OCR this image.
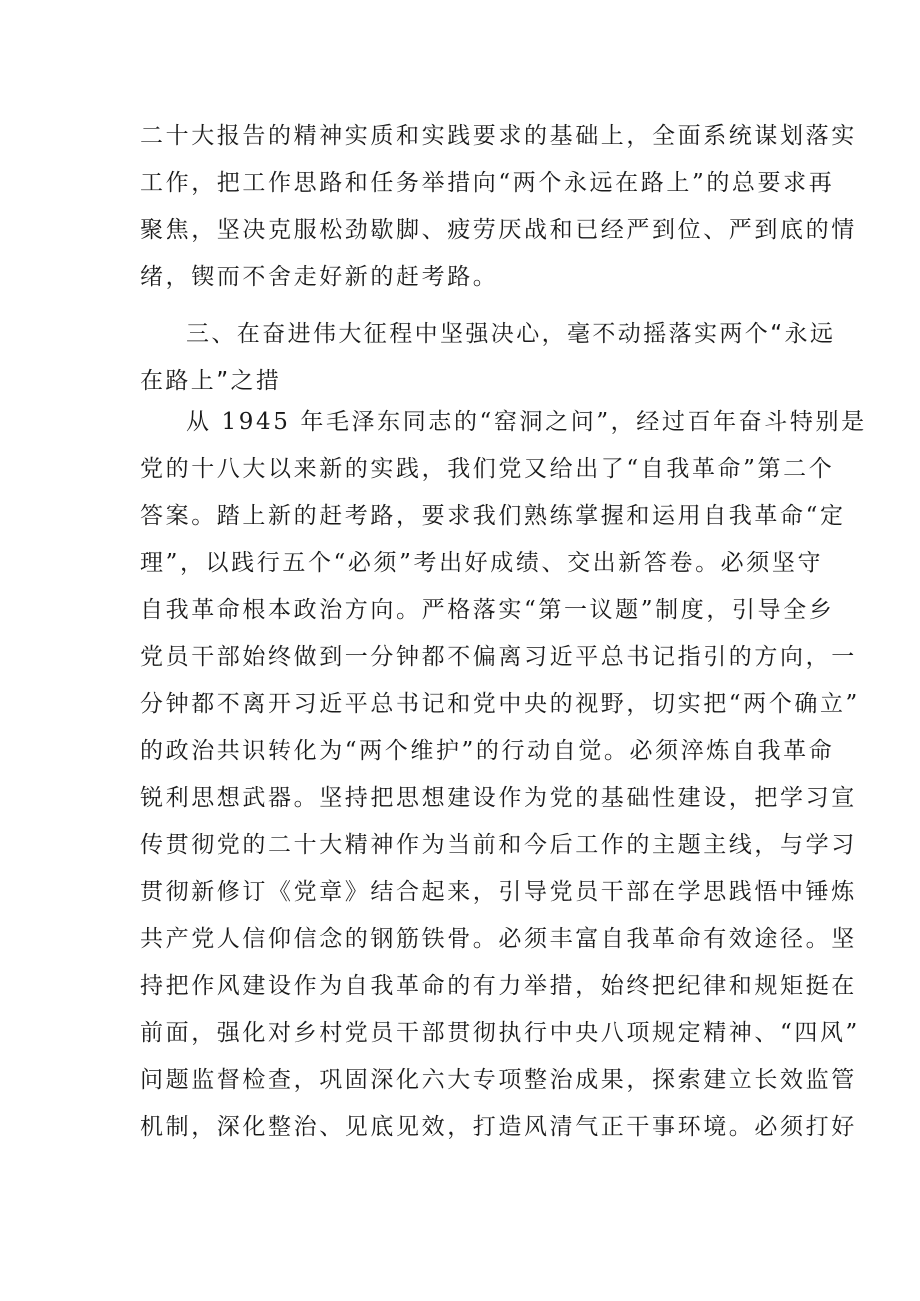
二十大报告的精神实质和实践要求的基础上，全面系统谋划落实
工作，把工作思路和任务举措向“两个永远在路上”的总要求再
聚焦，坚决克服松劲歇脚、疲劳厌战和已经严到位、严到底的情
绪，锲而不舍走好新的赶考路。
三、在奋进伟大征程中坚强决心，毫不动摇落实两个“永远
在路上”之措
从 1945 年毛泽东同志的“窑洞之问”，经过百年奋斗特别是
党的十八大以来新的实践，我们党又给出了“自我革命”第二个
答案。踏上新的赶考路，要求我们熟练掌握和运用自我革命“定
理”，以践行五个“必须”考出好成绩、交出新答卷。必须坚守
自我革命根本政治方向。严格落实“第一议题”制度，引导全乡
党员干部始终做到一分钟都不偏离习近平总书记指引的方向，一
分钟都不离开习近平总书记和党中央的视野，切实把“两个确立”
的政治共识转化为“两个维护”的行动自觉。必须淬炼自我革命
锐利思想武器。坚持把思想建设作为党的基础性建设，把学习宣
传贯彻党的二十大精神作为当前和今后工作的主题主线，与学习
贯彻新修订《党章》结合起来，引导党员干部在学思践悟中锤炼
共产党人信仰信念的钢筋铁骨。必须丰富自我革命有效途径。坚
持把作风建设作为自我革命的有力举措，始终把纪律和规矩挺在
前面，强化对乡村党员干部贯彻执行中央八项规定精神、“四风”
问题监督检查，巩固深化六大专项整治成果，探索建立长效监管
机制，深化整治、见底见效，打造风清气正干事环境。必须打好
